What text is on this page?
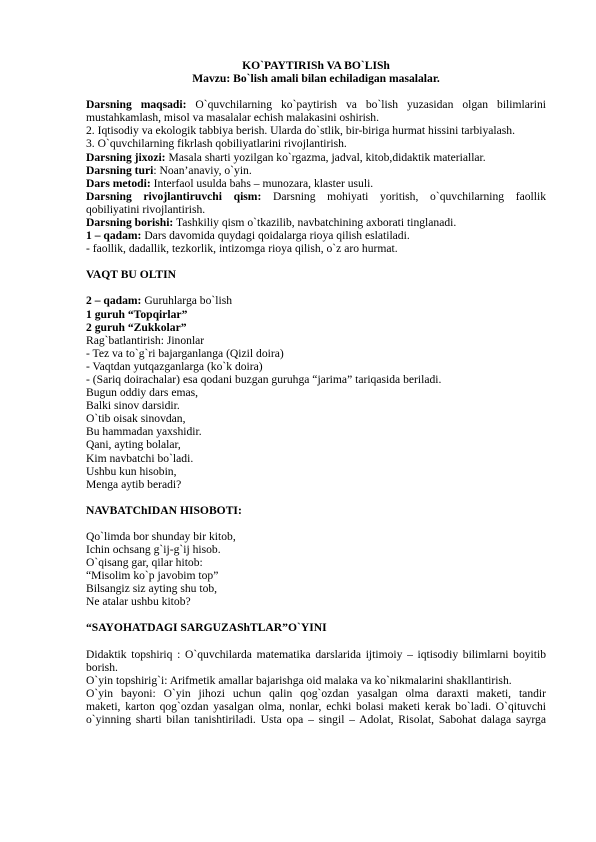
KO`PAYTIRISh VA BO`LISh

Mavzu: Bo`lish amali bilan echiladigan masalalar.

Darsning maqsadi: O`quvchilarning ko`paytirish va bo`lish yuzasidan olgan bilimlarini

mustahkamlash, misol va masalalar echish malakasini oshirish.

2. Iqtisodiy va ekologik tabbiya berish. Ularda do`stlik, bir-biriga hurmat hissini tarbiyalash.

3. O`quvchilarning fikrlash qobiliyatlarini rivojlantirish.

Darsning jixozi: Masala sharti yozilgan ko`rgazma, jadval, kitob,didaktik materiallar.

Darsning turi: Noan’anaviy, o`yin.

Dars metodi: Interfaol usulda bahs – munozara, klaster usuli.

Darsning rivojlantiruvchi qism: Darsning mohiyati yoritish, o`quvchilarning faollik

qobiliyatini rivojlantirish.

Darsning borishi: Tashkiliy qism o`tkazilib, navbatchining axborati tinglanadi.

1 – qadam: Dars davomida quydagi qoidalarga rioya qilish eslatiladi.

- faollik, dadallik, tezkorlik, intizomga rioya qilish, o`z aro hurmat.

VAQT BU OLTIN

2 – qadam: Guruhlarga bo`lish

1 guruh “Topqirlar”

2 guruh “Zukkolar”

Rag`batlantirish: Jinonlar

- Tez va to`g`ri bajarganlanga (Qizil doira)

- Vaqtdan yutqazganlarga (ko`k doira)

- (Sariq doirachalar) esa qodani buzgan guruhga “jarima” tariqasida beriladi.

Bugun oddiy dars emas,

Balki sinov darsidir.

O`tib oisak sinovdan,

Bu hammadan yaxshidir.

Qani, ayting bolalar,

Kim navbatchi bo`ladi.

Ushbu kun hisobin,

Menga aytib beradi?

NAVBATChIDAN HISOBOTI:

Qo`limda bor shunday bir kitob,

Ichin ochsang g`ij-g`ij hisob.

O`qisang gar, qilar hitob:

“Misolim ko`p javobim top”

Bilsangiz siz ayting shu tob,

Ne atalar ushbu kitob?

“SAYOHATDAGI SARGUZAShTLAR”O`YINI

Didaktik topshiriq : O`quvchilarda matematika darslarida ijtimoiy – iqtisodiy bilimlarni boyitib

borish.

O`yin topshirig`i: Arifmetik amallar bajarishga oid malaka va ko`nikmalarini shakllantirish.

O`yin bayoni: O`yin jihozi uchun qalin qog`ozdan yasalgan olma daraxti maketi, tandir

maketi, karton qog`ozdan yasalgan olma, nonlar, echki bolasi maketi kerak bo`ladi. O`qituvchi

o`yinning sharti bilan tanishtiriladi. Usta opa – singil – Adolat, Risolat, Sabohat dalaga sayrga
